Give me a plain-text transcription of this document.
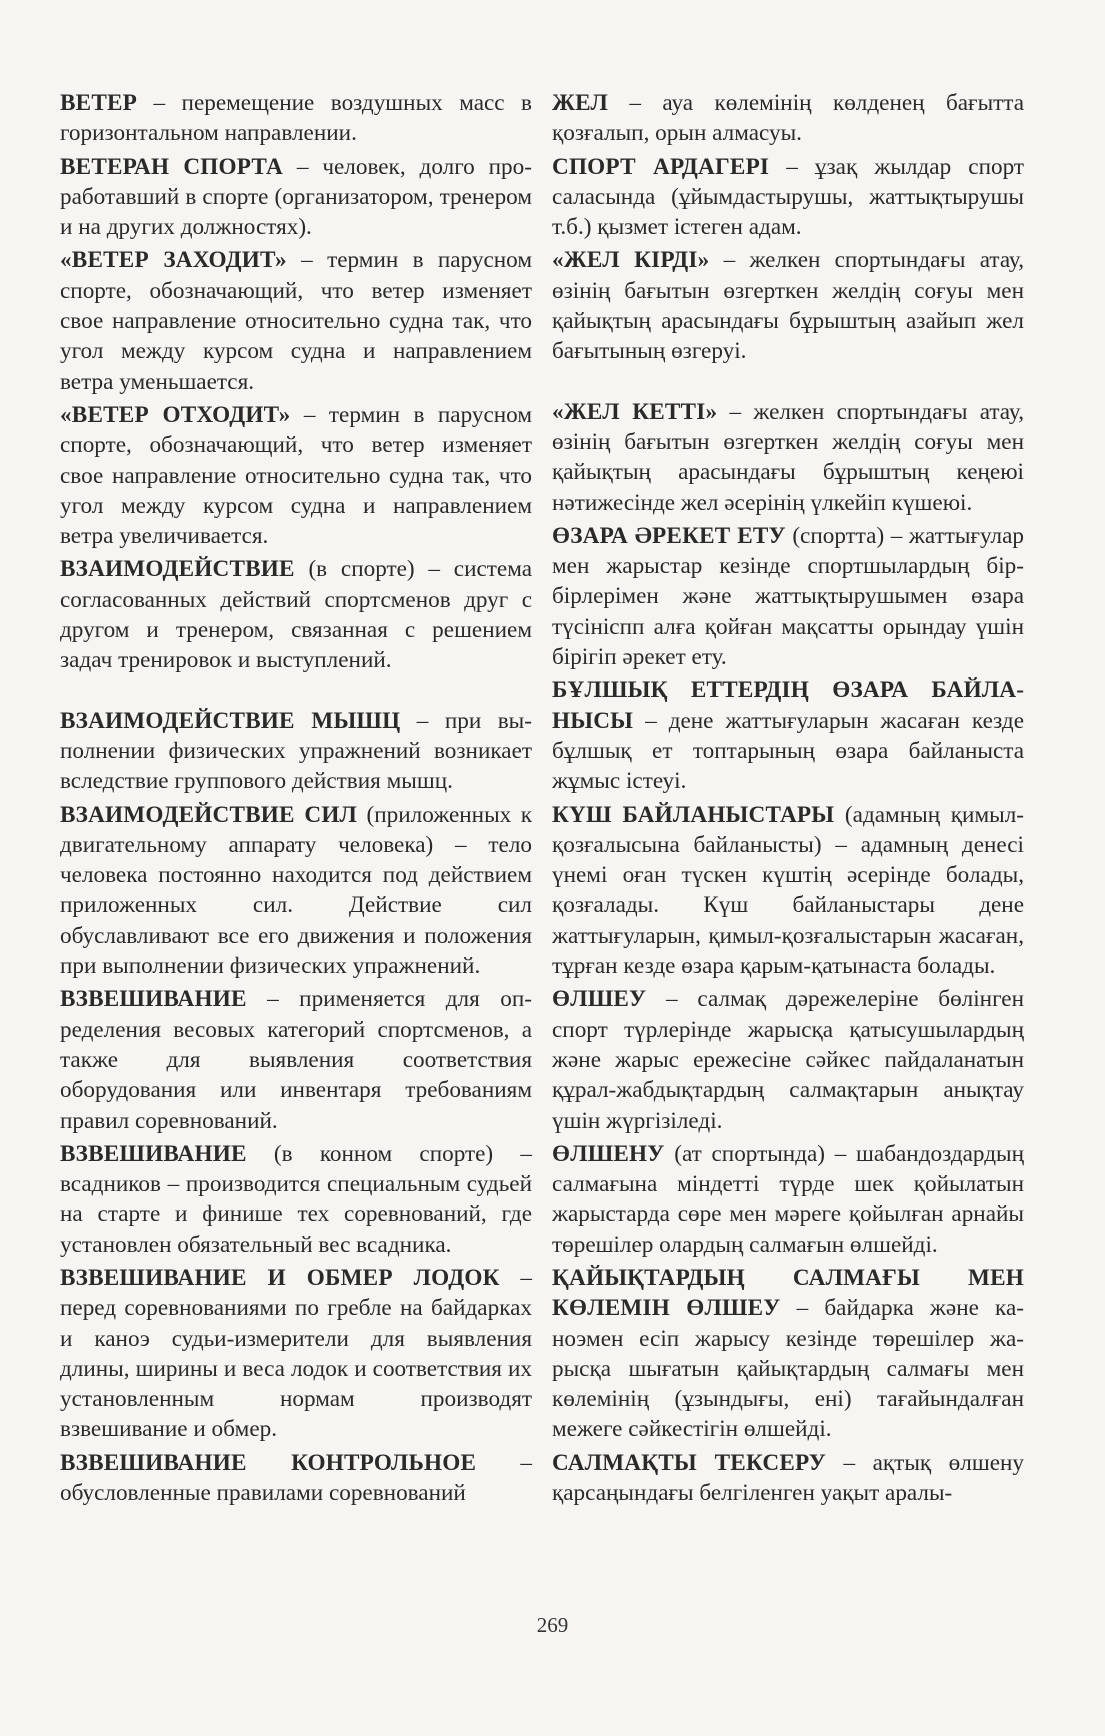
ВЕТЕР – перемещение воздушных масс в горизонтальном направлении.

ВЕТЕРАН СПОРТА – человек, долго проработавший в спорте (организатором, тренером и на других должностях).

«ВЕТЕР ЗАХОДИТ» – термин в парусном спорте, обозначающий, что ветер изменяет свое направление относительно судна так, что угол между курсом судна и направлением ветра уменьшается.

«ВЕТЕР ОТХОДИТ» – термин в парусном спорте, обозначающий, что ветер изменяет свое направление относительно судна так, что угол между курсом судна и направлением ветра увеличивается.

ВЗАИМОДЕЙСТВИЕ (в спорте) – система согласованных действий спортсменов друг с другом и тренером, связанная с решением задач тренировок и выступлений.

ВЗАИМОДЕЙСТВИЕ МЫШЦ – при выполнении физических упражнений возникает вследствие группового действия мышц.

ВЗАИМОДЕЙСТВИЕ СИЛ (приложенных к двигательному аппарату человека) – тело человека постоянно находится под действием приложенных сил. Действие сил обуславливают все его движения и положения при выполнении физических упражнений.

ВЗВЕШИВАНИЕ – применяется для определения весовых категорий спортсменов, а также для выявления соответствия оборудования или инвентаря требованиям правил соревнований.

ВЗВЕШИВАНИЕ (в конном спорте) – всадников – производится специальным судьей на старте и финише тех соревнований, где установлен обязательный вес всадника.

ВЗВЕШИВАНИЕ И ОБМЕР ЛОДОК – перед соревнованиями по гребле на байдарках и каноэ судьи-измерители для выявления длины, ширины и веса лодок и соответствия их установленным нормам производят взвешивание и обмер.

ВЗВЕШИВАНИЕ КОНТРОЛЬНОЕ – обусловленные правилами соревнований

ЖЕЛ – ауа көлемінің көлденең бағытта қозғалып, орын алмасуы.

СПОРТ АРДАГЕРІ – ұзақ жылдар спорт саласында (ұйымдастырушы, жаттықтырушы т.б.) қызмет істеген адам.

«ЖЕЛ КІРДІ» – желкен спортындағы атау, өзінің бағытын өзгерткен желдің соғуы мен қайықтың арасындағы бұрыштың азайып жел бағытының өзгеруі.

«ЖЕЛ КЕТТІ» – желкен спортындағы атау, өзінің бағытын өзгерткен желдің соғуы мен қайықтың арасындағы бұрыштың кеңеюі нәтижесінде жел әсерінің үлкейіп күшеюі.

ӨЗАРА ӘРЕКЕТ ЕТУ (спортта) – жаттығулар мен жарыстар кезінде спортшылардың бір-бірлерімен және жаттықтырушымен өзара түсініспп алға қойған мақсатты орындау үшін бірігіп әрекет ету.

БҰЛШЫҚ ЕТТЕРДІҢ ӨЗАРА БАЙЛАНЫСЫ – дене жаттығуларын жасаған кезде бұлшық ет топтарының өзара байланыста жұмыс істеуі.

КҮШ БАЙЛАНЫСТАРЫ (адамның қимыл-қозғалысына байланысты) – адамның денесі үнемі оған түскен күштің әсерінде болады, қозғалады. Күш байланыстары дене жаттығуларын, қимыл-қозғалыстарын жасаған, тұрған кезде өзара қарым-қатынаста болады.

ӨЛШЕУ – салмақ дәрежелеріне бөлінген спорт түрлерінде жарысқа қатысушылардың және жарыс ережесіне сәйкес пайдаланатын құрал-жабдықтардың салмақтарын анықтау үшін жүргізіледі.

ӨЛШЕНУ (ат спортында) – шабандоздардың салмағына міндетті түрде шек қойылатын жарыстарда сөре мен мәреге қойылған арнайы төрешілер олардың салмағын өлшейді.

ҚАЙЫҚТАРДЫҢ САЛМАҒЫ МЕН КӨЛЕМІН ӨЛШЕУ – байдарка және каноэмен есіп жарысу кезінде төрешілер жарысқа шығатын қайықтардың салмағы мен көлемінің (ұзындығы, ені) тағайындалған межеге сәйкестігін өлшейді.

САЛМАҚТЫ ТЕКСЕРУ – ақтық өлшену қарсаңындағы белгіленген уақыт аралы-

269
